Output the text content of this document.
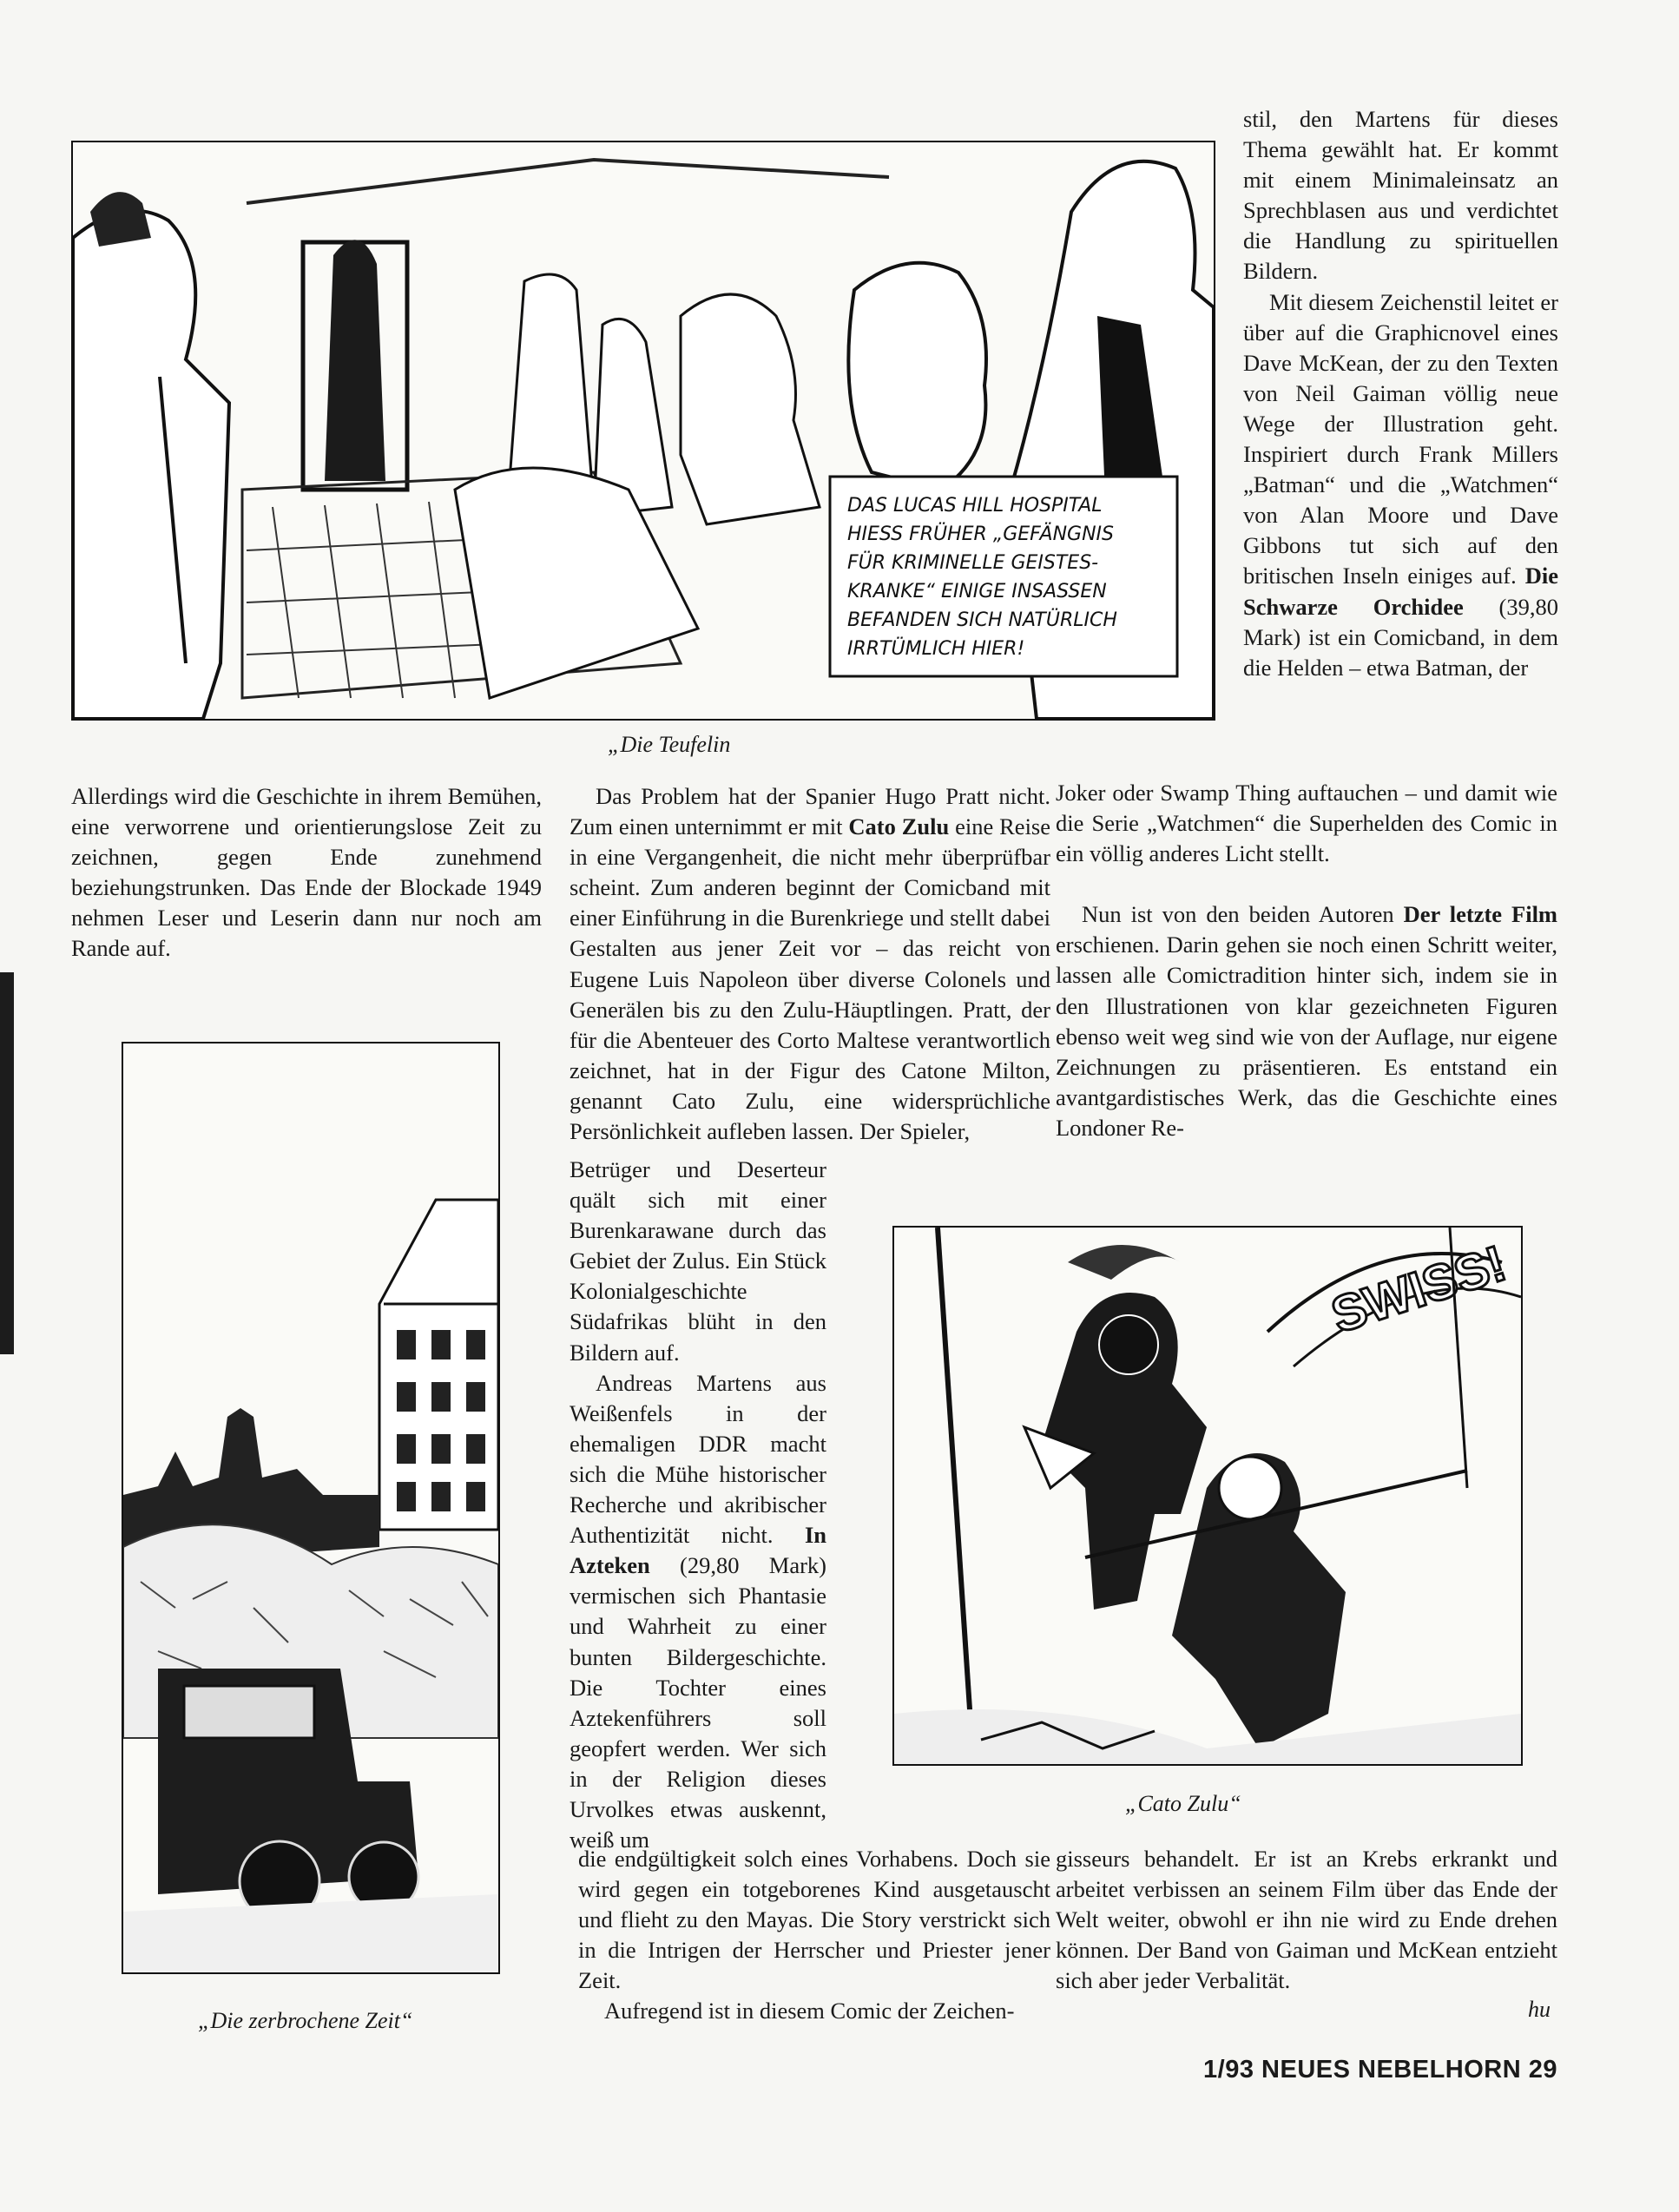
DAS LUCAS HILL HOSPITAL
HIESS FRÜHER „GEFÄNGNIS
FÜR KRIMINELLE GEISTES-
KRANKE“ EINIGE INSASSEN
BEFANDEN SICH NATÜRLICH
IRRTÜMLICH HIER!
„Die Teufelin

stil, den Martens für dieses Thema gewählt hat. Er kommt mit einem Minimaleinsatz an Sprechblasen aus und verdichtet die Handlung zu spirituellen Bildern.

Mit diesem Zeichenstil leitet er über auf die Graphicnovel eines Dave McKean, der zu den Texten von Neil Gaiman völlig neue Wege der Illustration geht. Inspiriert durch Frank Millers „Batman“ und die „Watchmen“ von Alan Moore und Dave Gibbons tut sich auf den britischen Inseln einiges auf. Die Schwarze Orchidee (39,80 Mark) ist ein Comicband, in dem die Helden – etwa Batman, der

Joker oder Swamp Thing auftauchen – und damit wie die Serie „Watchmen“ die Superhelden des Comic in ein völlig anderes Licht stellt.

Nun ist von den beiden Autoren Der letzte Film erschienen. Darin gehen sie noch einen Schritt weiter, lassen alle Comictradition hinter sich, indem sie in den Illustrationen von klar gezeichneten Figuren ebenso weit weg sind wie von der Auflage, nur eigene Zeichnungen zu präsentieren. Es entstand ein avantgardistisches Werk, das die Geschichte eines Londoner Re-

Allerdings wird die Geschichte in ihrem Bemühen, eine verworrene und orientierungslose Zeit zu zeichnen, gegen Ende zunehmend beziehungstrunken. Das Ende der Blockade 1949 nehmen Leser und Leserin dann nur noch am Rande auf.

Das Problem hat der Spanier Hugo Pratt nicht. Zum einen unternimmt er mit Cato Zulu eine Reise in eine Vergangenheit, die nicht mehr überprüfbar scheint. Zum anderen beginnt der Comicband mit einer Einführung in die Burenkriege und stellt dabei Gestalten aus jener Zeit vor – das reicht von Eugene Luis Napoleon über diverse Colonels und Generälen bis zu den Zulu-Häuptlingen. Pratt, der für die Abenteuer des Corto Maltese verantwortlich zeichnet, hat in der Figur des Catone Milton, genannt Cato Zulu, eine widersprüchliche Persönlichkeit aufleben lassen. Der Spieler,

Betrüger und Deserteur quält sich mit einer Burenkarawane durch das Gebiet der Zulus. Ein Stück Kolonialgeschichte Südafrikas blüht in den Bildern auf.

Andreas Martens aus Weißenfels in der ehemaligen DDR macht sich die Mühe historischer Recherche und akribischer Authentizität nicht. In Azteken (29,80 Mark) vermischen sich Phantasie und Wahrheit zu einer bunten Bildergeschichte. Die Tochter eines Aztekenführers soll geopfert werden. Wer sich in der Religion dieses Urvolkes etwas auskennt, weiß um

die endgültigkeit solch eines Vorhabens. Doch sie wird gegen ein totgeborenes Kind ausgetauscht und flieht zu den Mayas. Die Story verstrickt sich in die Intrigen der Herrscher und Priester jener Zeit.

Aufregend ist in diesem Comic der Zeichen-

gisseurs behandelt. Er ist an Krebs erkrankt und arbeitet verbissen an seinem Film über das Ende der Welt weiter, obwohl er ihn nie wird zu Ende drehen können. Der Band von Gaiman und McKean entzieht sich aber jeder Verbalität.

hu
„Die zerbrochene Zeit“
SWISS!
„Cato Zulu“
1/93 NEUES NEBELHORN 29
